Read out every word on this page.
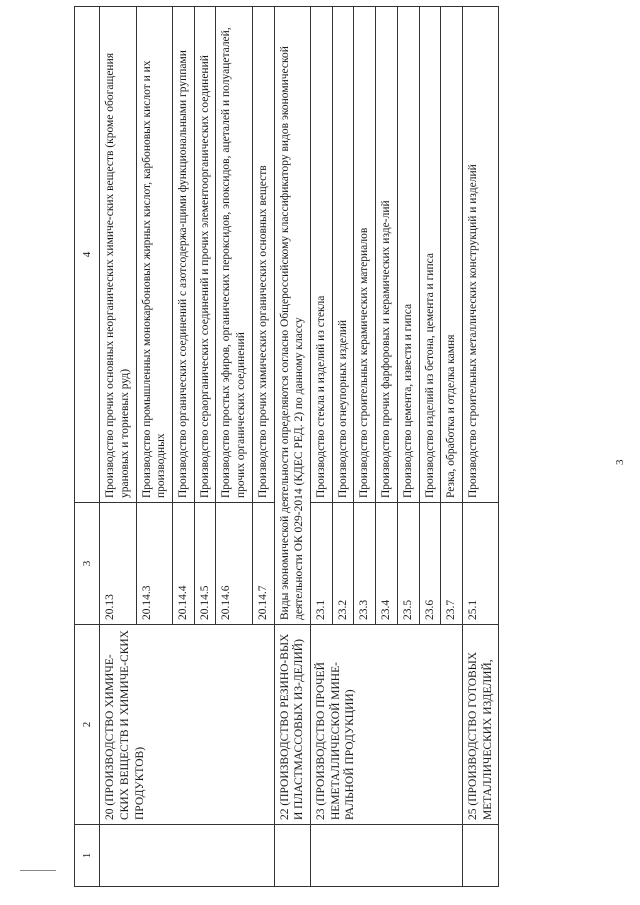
1	2	3	4
	20 (ПРОИЗВОДСТВО ХИМИЧЕ-СКИХ ВЕЩЕСТВ И ХИМИЧЕ-СКИХ ПРОДУКТОВ)	20.13	Производство прочих основных неорганических химиче-ских веществ (кроме обогащения урановых и ториевых руд)
		20.14.3	Производство промышленных монокарбоновых жирных кислот, карбоновых кислот и их производных
		20.14.4	Производство органических соединений с азотсодержа-щими функциональными группами
		20.14.5	Производство сераорганических соединений и прочих элементоорганических соединений
		20.14.6	Производство простых эфиров, органических пероксидов, эпоксидов, ацеталей и полуацеталей, прочих органических соединений
		20.14.7	Производство прочих химических органических основных веществ
	22 (ПРОИЗВОДСТВО РЕЗИНО-ВЫХ И ПЛАСТМАССОВЫХ ИЗ-ДЕЛИЙ)	Виды экономической деятельности определяются согласно Общероссийскому классификатору видов экономической деятельности ОК 029-2014 (КДЕС РЕД. 2) по данному классу	
	23 (ПРОИЗВОДСТВО ПРОЧЕЙ НЕМЕТАЛЛИЧЕСКОЙ МИНЕ-РАЛЬНОЙ ПРОДУКЦИИ)	23.1	Производство стекла и изделий из стекла
		23.2	Производство огнеупорных изделий
		23.3	Производство строительных керамических материалов
		23.4	Производство прочих фарфоровых и керамических изде-лий
		23.5	Производство цемента, извести и гипса
		23.6	Производство изделий из бетона, цемента и гипса
		23.7	Резка, обработка и отделка камня
	25 (ПРОИЗВОДСТВО ГОТОВЫХ МЕТАЛЛИЧЕСКИХ ИЗДЕЛИЙ,	25.1	Производство строительных металлических конструкций и изделий	3
